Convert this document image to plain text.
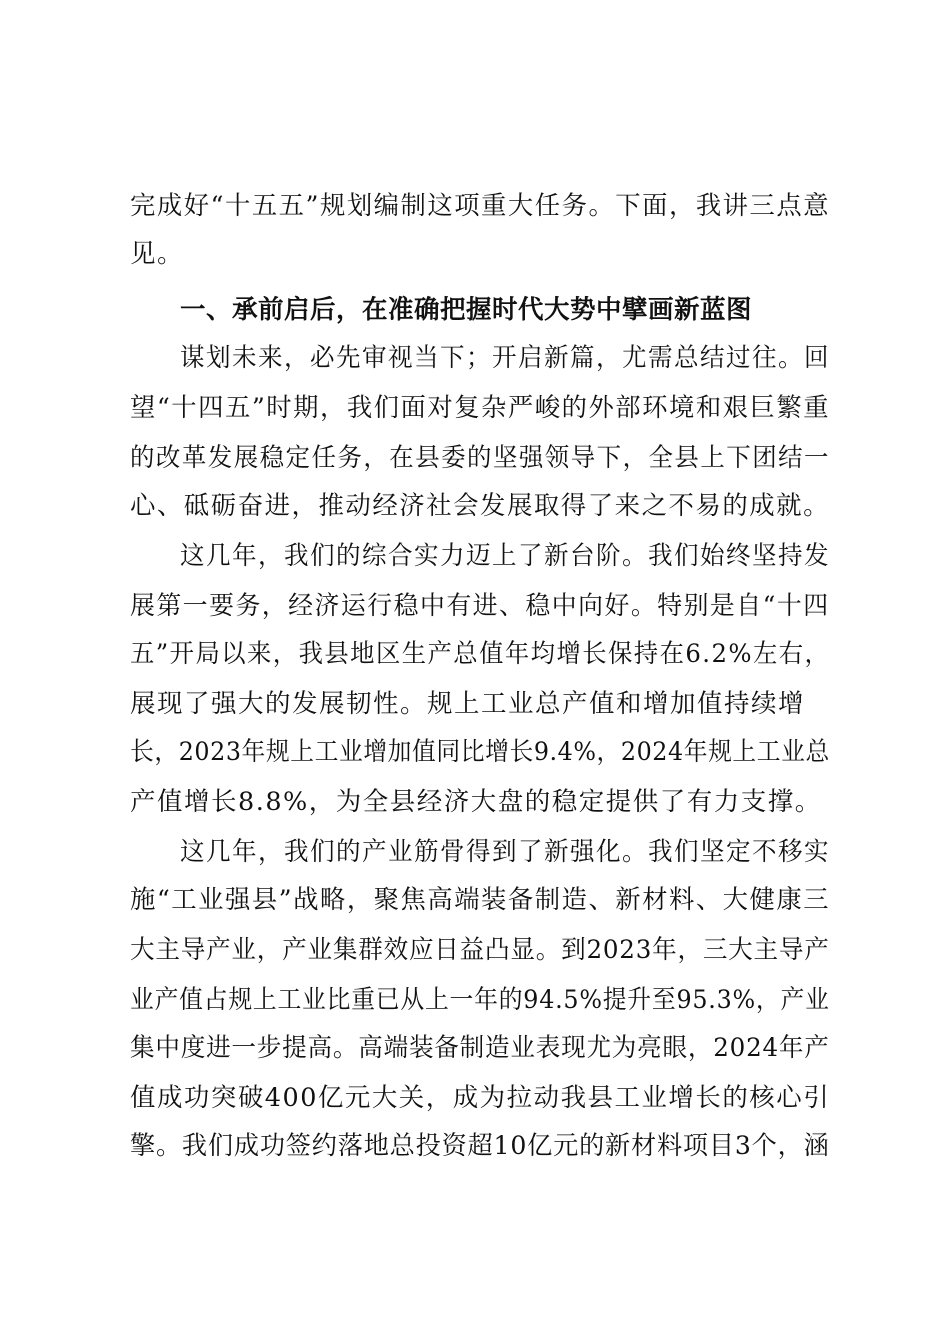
完成好“十五五”规划编制这项重大任务。下面，我讲三点意
见。
一、承前启后，在准确把握时代大势中擘画新蓝图
谋划未来，必先审视当下；开启新篇，尤需总结过往。回
望“十四五”时期，我们面对复杂严峻的外部环境和艰巨繁重
的改革发展稳定任务，在县委的坚强领导下，全县上下团结一
心、砥砺奋进，推动经济社会发展取得了来之不易的成就。
这几年，我们的综合实力迈上了新台阶。我们始终坚持发
展第一要务，经济运行稳中有进、稳中向好。特别是自“十四
五”开局以来，我县地区生产总值年均增长保持在6.2%左右，
展现了强大的发展韧性。规上工业总产值和增加值持续增
长，2023年规上工业增加值同比增长9.4%，2024年规上工业总
产值增长8.8%，为全县经济大盘的稳定提供了有力支撑。
这几年，我们的产业筋骨得到了新强化。我们坚定不移实
施“工业强县”战略，聚焦高端装备制造、新材料、大健康三
大主导产业，产业集群效应日益凸显。到2023年，三大主导产
业产值占规上工业比重已从上一年的94.5%提升至95.3%，产业
集中度进一步提高。高端装备制造业表现尤为亮眼，2024年产
值成功突破400亿元大关，成为拉动我县工业增长的核心引
擎。我们成功签约落地总投资超10亿元的新材料项目3个，涵
